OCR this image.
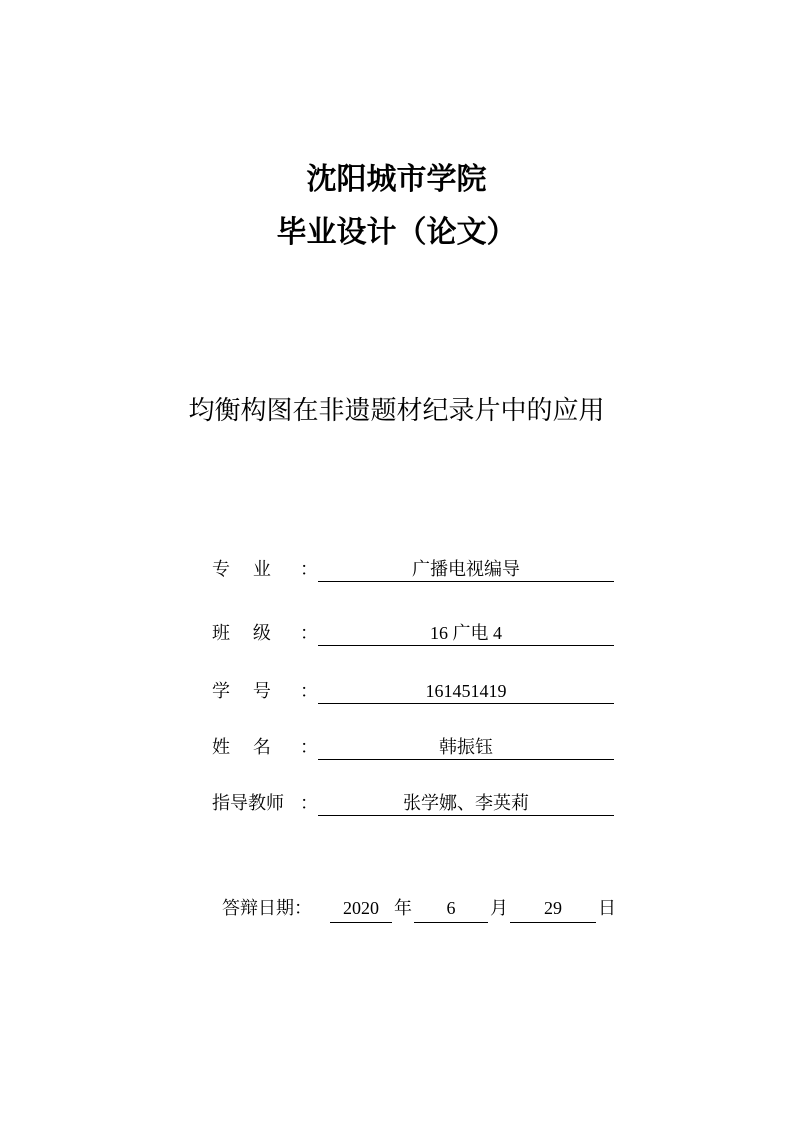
沈阳城市学院
毕业设计（论文）
均衡构图在非遗题材纪录片中的应用
专    业 ：	广播电视编导
班    级 ：	16 广电 4
学    号 ：	161451419
姓    名 ：	韩振钰
指导教师 ：	张学娜、李英莉
答辩日期：	2020 年	6	月	29	日
